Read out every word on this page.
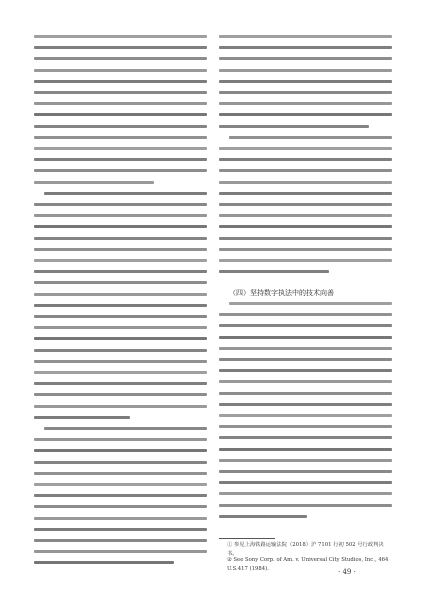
（四）坚持数字执法中的技术向善
① 参见上海铁路运输法院（2018）沪 7101 行初 502 号行政判决书。
② See Sony Corp. of Am. v. Universal City Studios, Inc., 464 U.S.417 (1984).	· 49 ·
